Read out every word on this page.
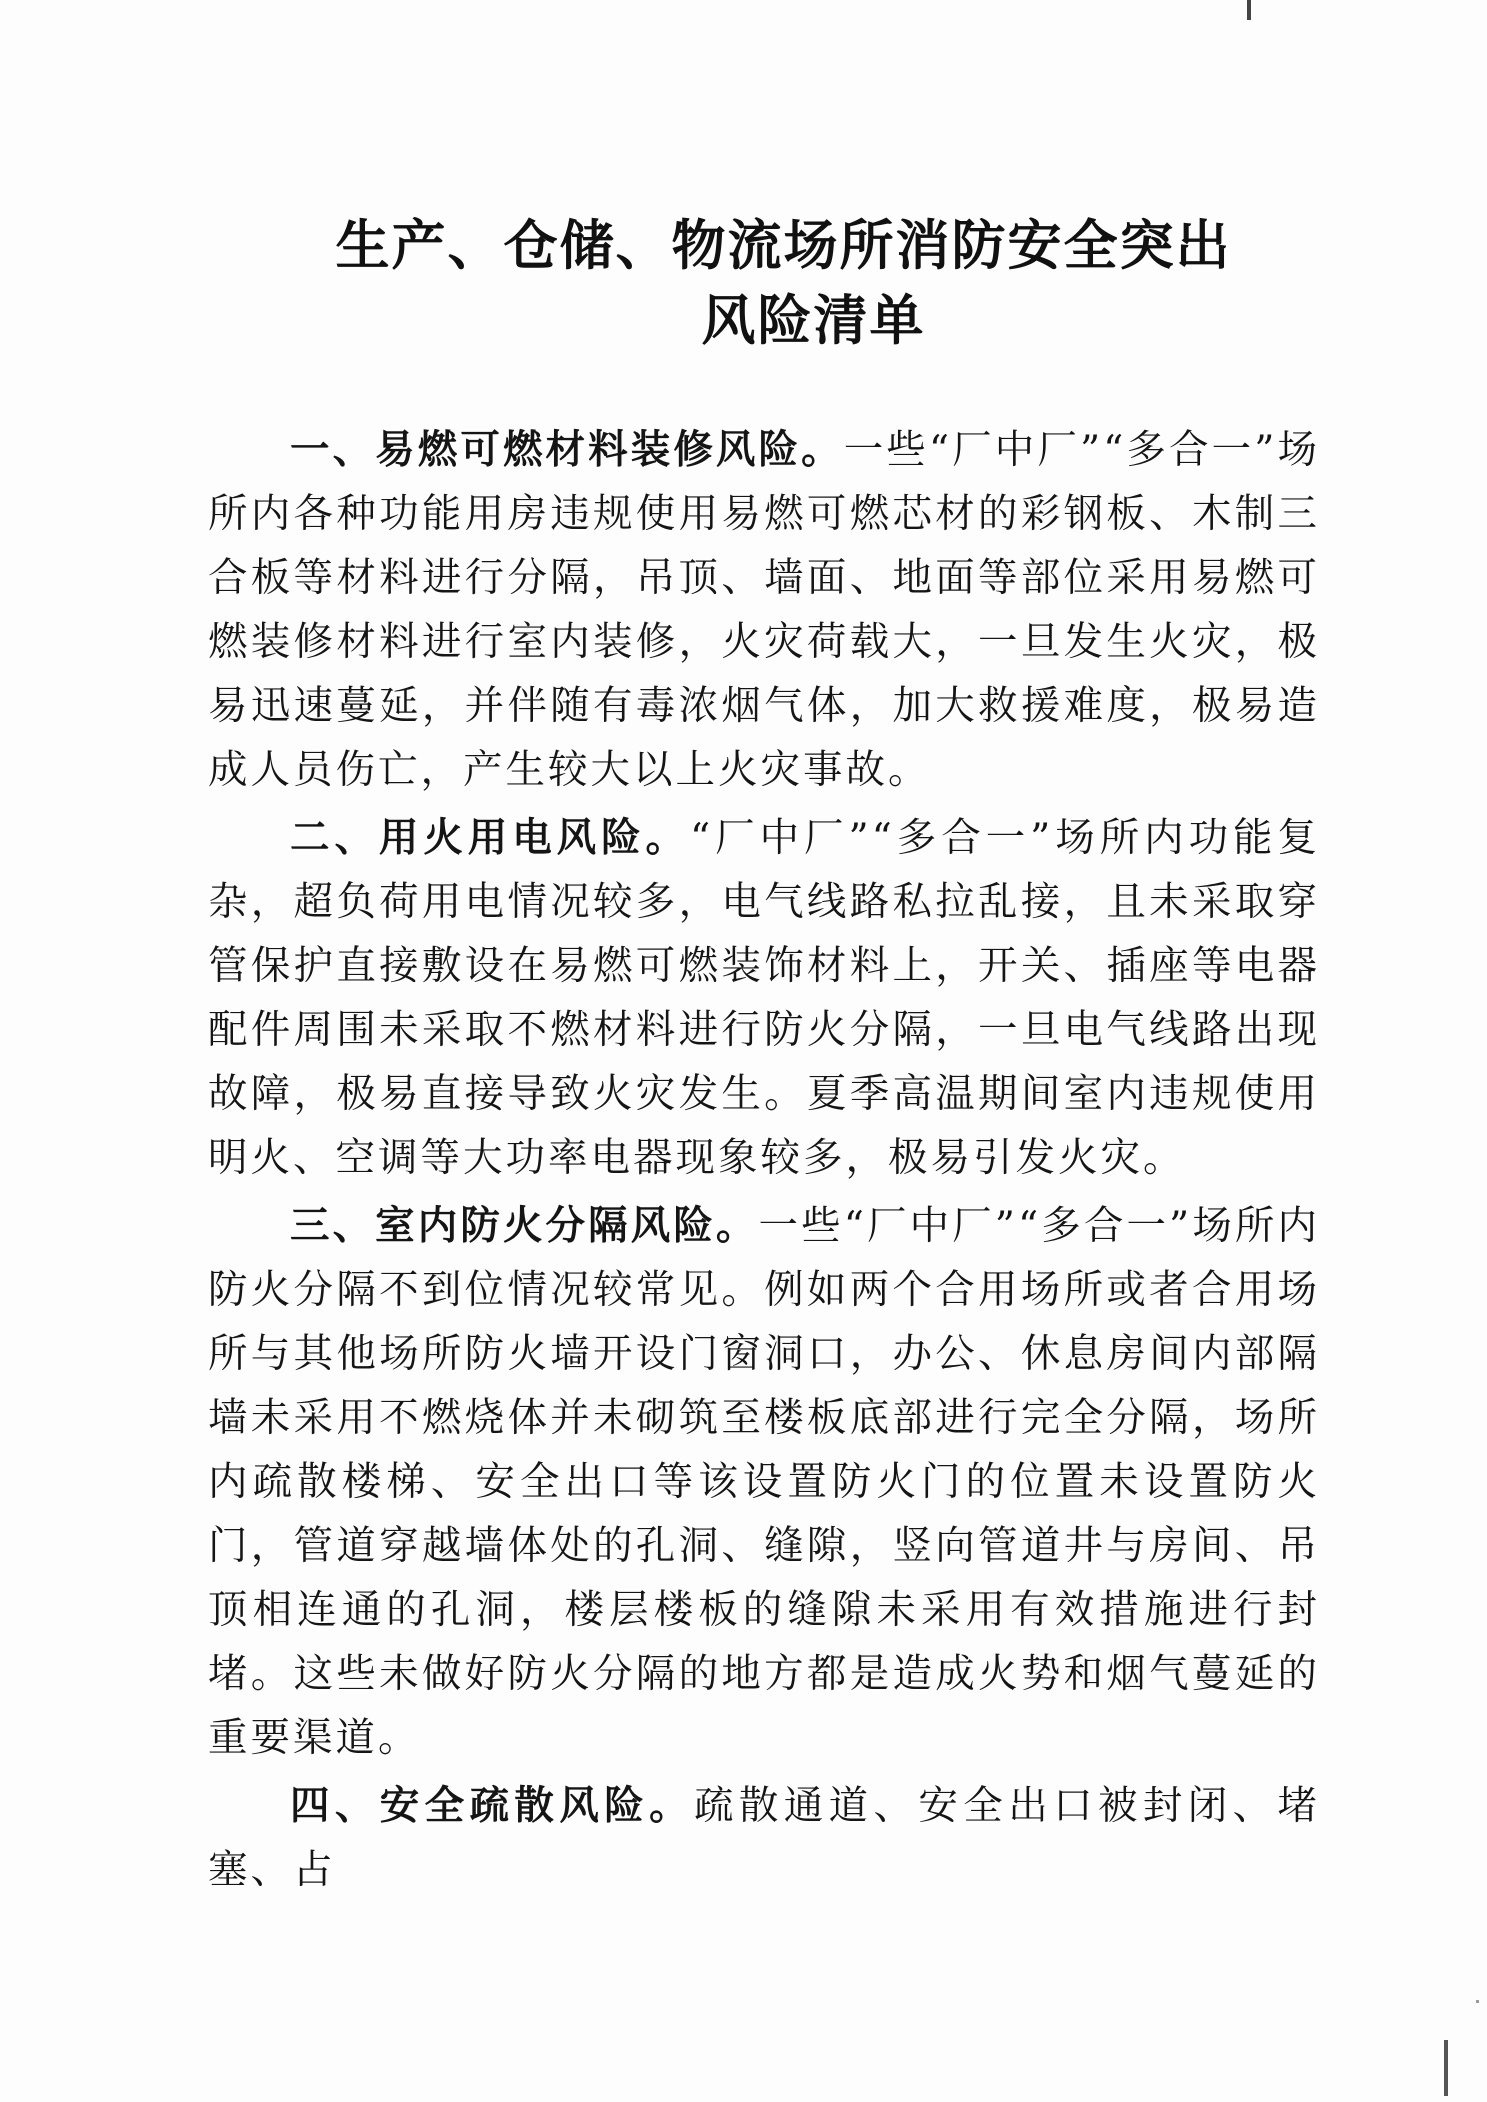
生产、仓储、物流场所消防安全突出
风险清单

一、易燃可燃材料装修风险。一些“厂中厂”“多合一”场所内各种功能用房违规使用易燃可燃芯材的彩钢板、木制三合板等材料进行分隔，吊顶、墙面、地面等部位采用易燃可燃装修材料进行室内装修，火灾荷载大，一旦发生火灾，极易迅速蔓延，并伴随有毒浓烟气体，加大救援难度，极易造成人员伤亡，产生较大以上火灾事故。

二、用火用电风险。“厂中厂”“多合一”场所内功能复杂，超负荷用电情况较多，电气线路私拉乱接，且未采取穿管保护直接敷设在易燃可燃装饰材料上，开关、插座等电器配件周围未采取不燃材料进行防火分隔，一旦电气线路出现故障，极易直接导致火灾发生。夏季高温期间室内违规使用明火、空调等大功率电器现象较多，极易引发火灾。

三、室内防火分隔风险。一些“厂中厂”“多合一”场所内防火分隔不到位情况较常见。例如两个合用场所或者合用场所与其他场所防火墙开设门窗洞口，办公、休息房间内部隔墙未采用不燃烧体并未砌筑至楼板底部进行完全分隔，场所内疏散楼梯、安全出口等该设置防火门的位置未设置防火门，管道穿越墙体处的孔洞、缝隙，竖向管道井与房间、吊顶相连通的孔洞，楼层楼板的缝隙未采用有效措施进行封堵。这些未做好防火分隔的地方都是造成火势和烟气蔓延的重要渠道。

四、安全疏散风险。疏散通道、安全出口被封闭、堵塞、占
